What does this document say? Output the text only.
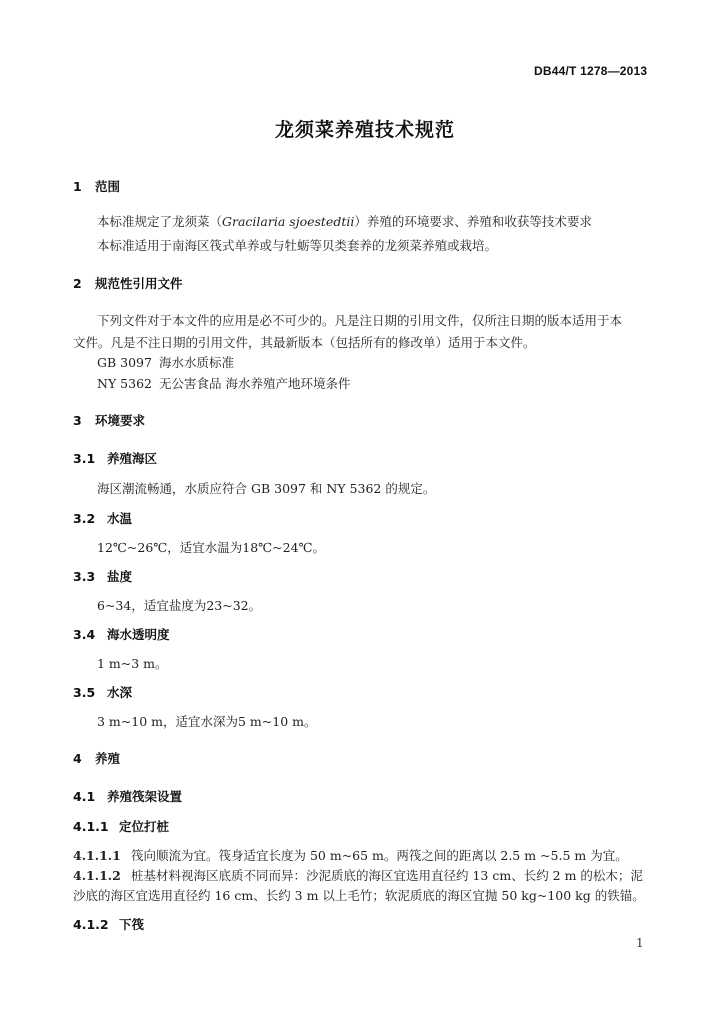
DB44/T 1278—2013
龙须菜养殖技术规范
1 范围
本标准规定了龙须菜（Gracilaria sjoestedtii）养殖的环境要求、养殖和收获等技术要求
本标准适用于南海区筏式单养或与牡蛎等贝类套养的龙须菜养殖或栽培。
2 规范性引用文件
下列文件对于本文件的应用是必不可少的。凡是注日期的引用文件，仅所注日期的版本适用于本
文件。凡是不注日期的引用文件，其最新版本（包括所有的修改单）适用于本文件。
GB 3097 海水水质标准
NY 5362 无公害食品 海水养殖产地环境条件
3 环境要求
3.1 养殖海区
海区潮流畅通，水质应符合 GB 3097 和 NY 5362 的规定。
3.2 水温
12℃~26℃，适宜水温为18℃~24℃。
3.3 盐度
6~34，适宜盐度为23~32。
3.4 海水透明度
1 m~3 m。
3.5 水深
3 m~10 m，适宜水深为5 m~10 m。
4 养殖
4.1 养殖筏架设置
4.1.1 定位打桩
4.1.1.1 筏向顺流为宜。筏身适宜长度为 50 m~65 m。两筏之间的距离以 2.5 m ~5.5 m 为宜。
4.1.1.2 桩基材料视海区底质不同而异：沙泥质底的海区宜选用直径约 13 cm、长约 2 m 的松木；泥
沙底的海区宜选用直径约 16 cm、长约 3 m 以上毛竹；软泥质底的海区宜抛 50 kg~100 kg 的铁锚。
4.1.2 下筏
1
